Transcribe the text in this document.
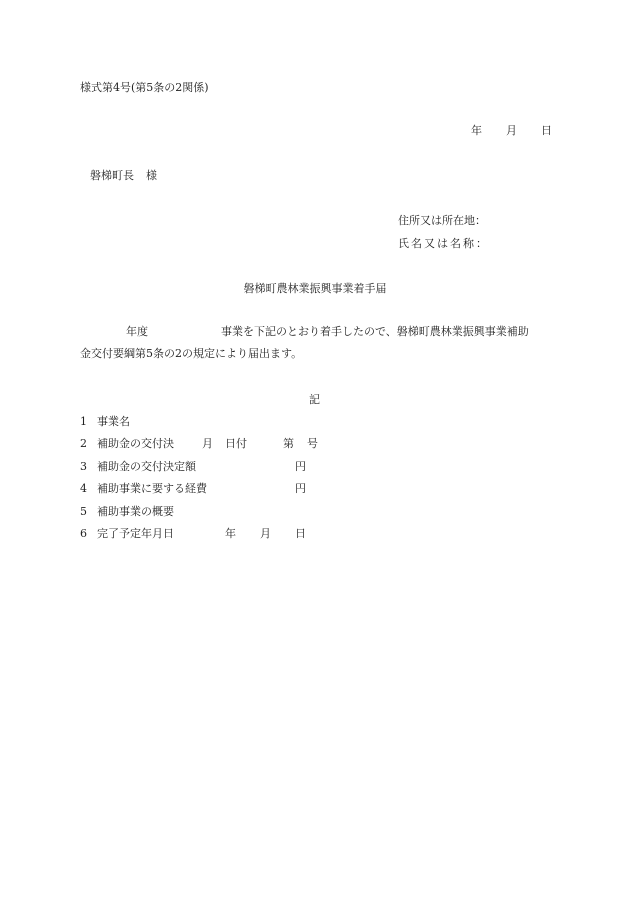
様式第4号(第5条の2関係)
年 月 日
磐梯町長 様
住所又は所在地：
氏名又は名称：
磐梯町農林業振興事業着手届
年度	事業を下記のとおり着手したので、磐梯町農林業振興事業補助
金交付要綱第5条の2の規定により届出ます。
記
1 事業名
2 補助金の交付決	月 日付	第 号
3 補助金の交付決定額	円
4 補助事業に要する経費	円
5 補助事業の概要
6 完了予定年月日	年 月 日
